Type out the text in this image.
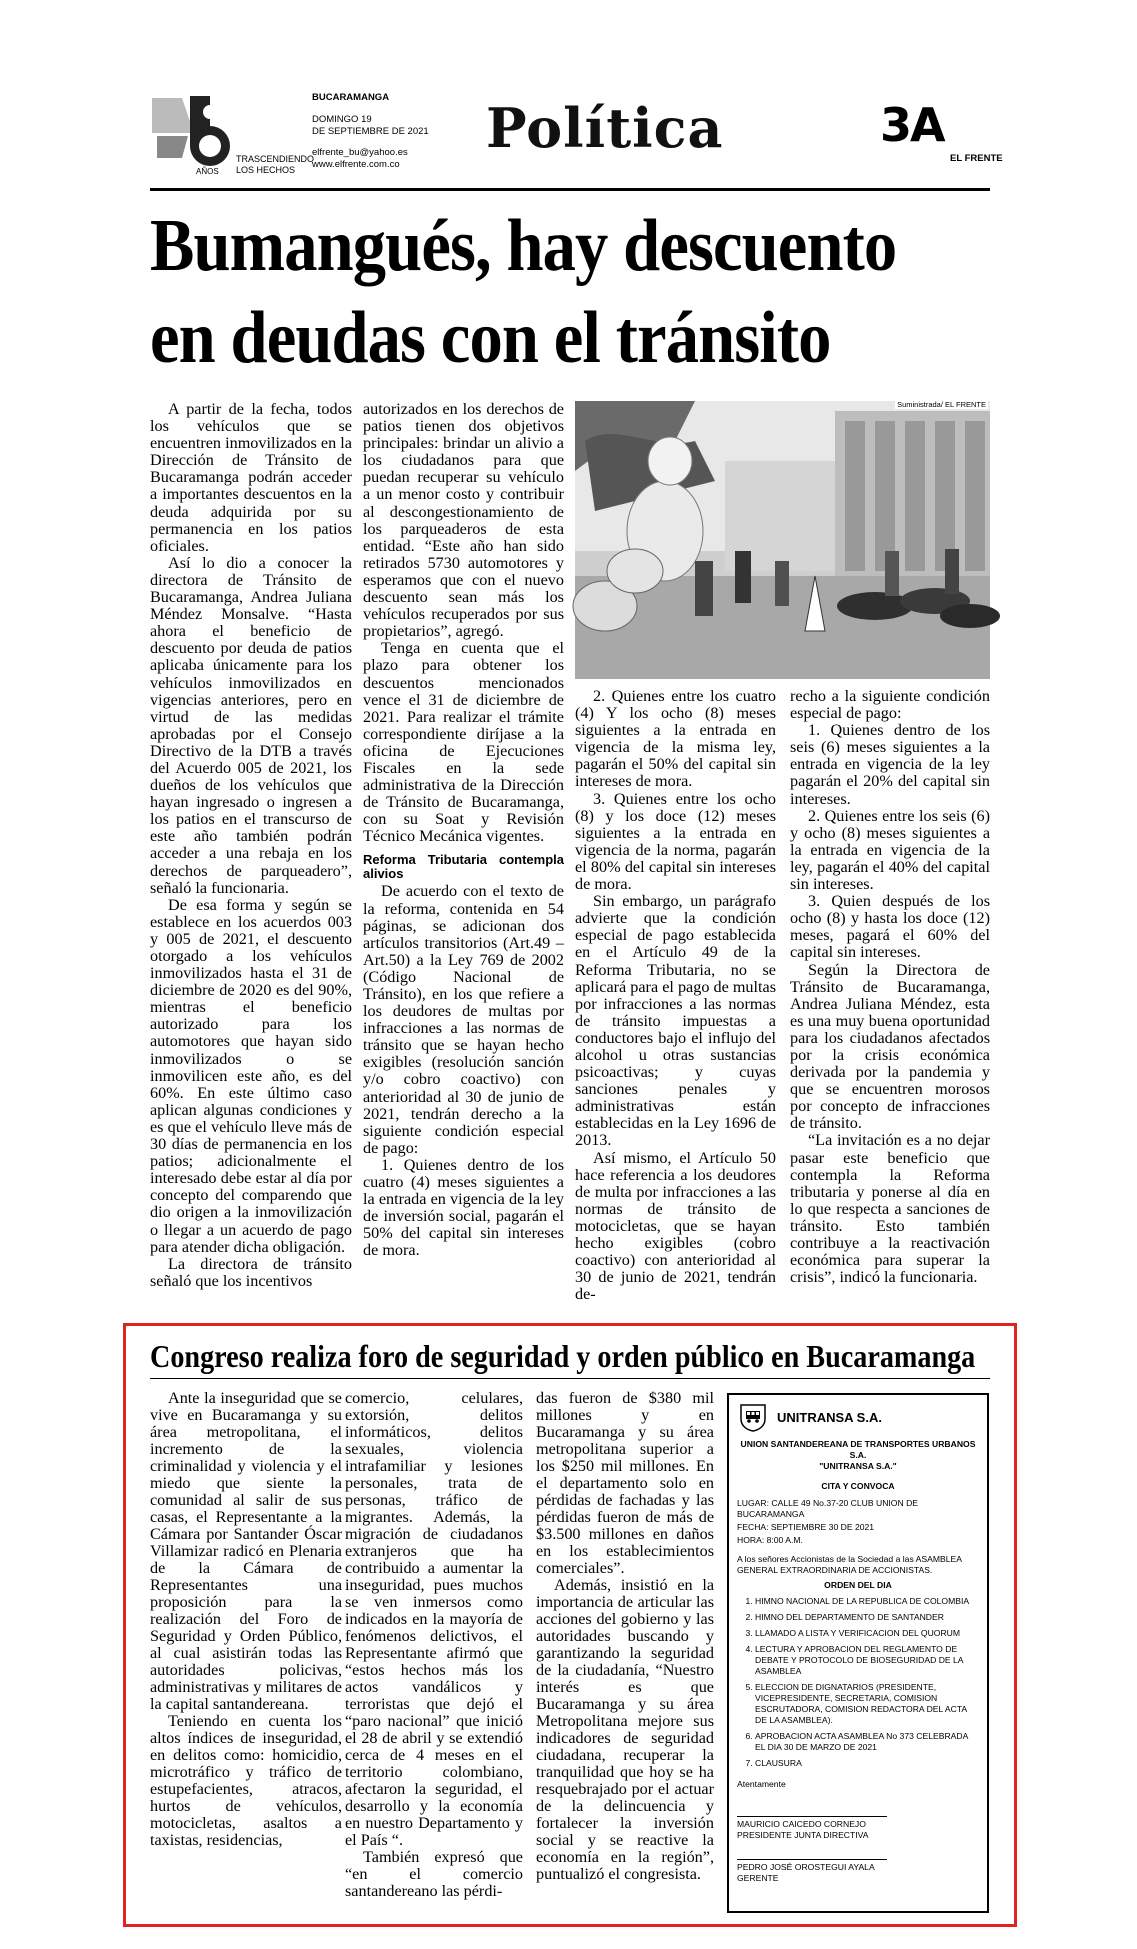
AÑOS
TRASCENDIENDO
LOS HECHOS
BUCARAMANGA
DOMINGO 19
DE SEPTIEMBRE DE 2021
elfrente_bu@yahoo.es
www.elfrente.com.co
Política	3A
EL FRENTE
Bumangués, hay descuento
en deudas con el tránsito

A partir de la fecha, todos los vehículos que se encuentren inmovilizados en la Dirección de Tránsito de Bucaramanga podrán acceder a importantes descuentos en la deuda adquirida por su permanencia en los patios oficiales.

Así lo dio a conocer la directora de Tránsito de Bucaramanga, Andrea Juliana Méndez Monsalve. “Hasta ahora el beneficio de descuento por deuda de patios aplicaba únicamente para los vehículos inmovilizados en vigencias anteriores, pero en virtud de las medidas aprobadas por el Consejo Directivo de la DTB a través del Acuerdo 005 de 2021, los dueños de los vehículos que hayan ingresado o ingresen a los patios en el transcurso de este año también podrán acceder a una rebaja en los derechos de parqueadero”, señaló la funcionaria.

De esa forma y según se establece en los acuerdos 003 y 005 de 2021, el descuento otorgado a los vehículos inmovilizados hasta el 31 de diciembre de 2020 es del 90%, mientras el beneficio autorizado para los automotores que hayan sido inmovilizados o se inmovilicen este año, es del 60%. En este último caso aplican algunas condiciones y es que el vehículo lleve más de 30 días de permanencia en los patios; adicionalmente el interesado debe estar al día por concepto del comparendo que dio origen a la inmovilización o llegar a un acuerdo de pago para atender dicha obligación.

La directora de tránsito señaló que los incentivos

autorizados en los derechos de patios tienen dos objetivos principales: brindar un alivio a los ciudadanos para que puedan recuperar su vehículo a un menor costo y contribuir al descongestionamiento de los parqueaderos de esta entidad. “Este año han sido retirados 5730 automotores y esperamos que con el nuevo descuento sean más los vehículos recuperados por sus propietarios”, agregó.

Tenga en cuenta que el plazo para obtener los descuentos mencionados vence el 31 de diciembre de 2021. Para realizar el trámite correspondiente diríjase a la oficina de Ejecuciones Fiscales en la sede administrativa de la Dirección de Tránsito de Bucaramanga, con su Soat y Revisión Técnico Mecánica vigentes.

Reforma Tributaria contempla alivios

De acuerdo con el texto de la reforma, contenida en 54 páginas, se adicionan dos artículos transitorios (Art.49 – Art.50) a la Ley 769 de 2002 (Código Nacional de Tránsito), en los que refiere a los deudores de multas por infracciones a las normas de tránsito que se hayan hecho exigibles (resolución sanción y/o cobro coactivo) con anterioridad al 30 de junio de 2021, tendrán derecho a la siguiente condición especial de pago:

1. Quienes dentro de los cuatro (4) meses siguientes a la entrada en vigencia de la ley de inversión social, pagarán el 50% del capital sin intereses de mora.

Suministrada/ EL FRENTE

2. Quienes entre los cuatro (4) Y los ocho (8) meses siguientes a la entrada en vigencia de la misma ley, pagarán el 50% del capital sin intereses de mora.

3. Quienes entre los ocho (8) y los doce (12) meses siguientes a la entrada en vigencia de la norma, pagarán el 80% del capital sin intereses de mora.

Sin embargo, un parágrafo advierte que la condición especial de pago establecida en el Artículo 49 de la Reforma Tributaria, no se aplicará para el pago de multas por infracciones a las normas de tránsito impuestas a conductores bajo el influjo del alcohol u otras sustancias psicoactivas; y cuyas sanciones penales y administrativas están establecidas en la Ley 1696 de 2013.

Así mismo, el Artículo 50 hace referencia a los deudores de multa por infracciones a las normas de tránsito de motocicletas, que se hayan hecho exigibles (cobro coactivo) con anterioridad al 30 de junio de 2021, tendrán de-

recho a la siguiente condición especial de pago:

1. Quienes dentro de los seis (6) meses siguientes a la entrada en vigencia de la ley pagarán el 20% del capital sin intereses.

2. Quienes entre los seis (6) y ocho (8) meses siguientes a la entrada en vigencia de la ley, pagarán el 40% del capital sin intereses.

3. Quien después de los ocho (8) y hasta los doce (12) meses, pagará el 60% del capital sin intereses.

Según la Directora de Tránsito de Bucaramanga, Andrea Juliana Méndez, esta es una muy buena oportunidad para los ciudadanos afectados por la crisis económica derivada por la pandemia y que se encuentren morosos por concepto de infracciones de tránsito.

“La invitación es a no dejar pasar este beneficio que contempla la Reforma tributaria y ponerse al día en lo que respecta a sanciones de tránsito. Esto también contribuye a la reactivación económica para superar la crisis”, indicó la funcionaria.

Congreso realiza foro de seguridad y orden público en Bucaramanga

Ante la inseguridad que se vive en Bucaramanga y su área metropolitana, el incremento de la criminalidad y violencia y el miedo que siente la comunidad al salir de sus casas, el Representante a la Cámara por Santander Óscar Villamizar radicó en Plenaria de la Cámara de Representantes una proposición para la realización del Foro de Seguridad y Orden Público, al cual asistirán todas las autoridades policivas, administrativas y militares de la capital santandereana.

Teniendo en cuenta los altos índices de inseguridad, en delitos como: homicidio, microtráfico y tráfico de estupefacientes, atracos, hurtos de vehículos, motocicletas, asaltos a taxistas, residencias,

comercio, celulares, extorsión, delitos informáticos, delitos sexuales, violencia intrafamiliar y lesiones personales, trata de personas, tráfico de migrantes. Además, la migración de ciudadanos extranjeros que ha contribuido a aumentar la inseguridad, pues muchos se ven inmersos como indicados en la mayoría de fenómenos delictivos, el Representante afirmó que “estos hechos más los actos vandálicos y terroristas que dejó el “paro nacional” que inició el 28 de abril y se extendió cerca de 4 meses en el territorio colombiano, afectaron la seguridad, el desarrollo y la economía en nuestro Departamento y el País “.

También expresó que “en el comercio santandereano las pérdi-

das fueron de $380 mil millones y en Bucaramanga y su área metropolitana superior a los $250 mil millones. En el departamento solo en pérdidas de fachadas y las pérdidas fueron de más de $3.500 millones en daños en los establecimientos comerciales”.

Además, insistió en la importancia de articular las acciones del gobierno y las autoridades buscando y garantizando la seguridad de la ciudadanía, “Nuestro interés es que Bucaramanga y su área Metropolitana mejore sus indicadores de seguridad ciudadana, recuperar la tranquilidad que hoy se ha resquebrajado por el actuar de la delincuencia y fortalecer la inversión social y se reactive la economía en la región”, puntualizó el congresista.

UNITRANSA S.A.
UNION SANTANDEREANA DE TRANSPORTES URBANOS S.A.
"UNITRANSA S.A."
CITA Y CONVOCA
LUGAR: CALLE 49 No.37-20 CLUB UNION DE BUCARAMANGA
FECHA: SEPTIEMBRE 30 DE 2021
HORA: 8:00 A.M.
A los señores Accionistas de la Sociedad a las ASAMBLEA GENERAL EXTRAORDINARIA DE ACCIONISTAS.
ORDEN DEL DIA
1. HIMNO NACIONAL DE LA REPUBLICA DE COLOMBIA
2. HIMNO DEL DEPARTAMENTO DE SANTANDER
3. LLAMADO A LISTA Y VERIFICACION DEL QUORUM
4. LECTURA Y APROBACION DEL REGLAMENTO DE DEBATE Y PROTOCOLO DE BIOSEGURIDAD DE LA ASAMBLEA
5. ELECCION DE DIGNATARIOS (PRESIDENTE, VICEPRESIDENTE, SECRETARIA, COMISION ESCRUTADORA, COMISION REDACTORA DEL ACTA DE LA ASAMBLEA).
6. APROBACION ACTA ASAMBLEA No 373 CELEBRADA EL DIA 30 DE MARZO DE 2021
7. CLAUSURA
Atentamente
MAURICIO CAICEDO CORNEJO
PRESIDENTE JUNTA DIRECTIVA
PEDRO JOSÉ OROSTEGUI AYALA
GERENTE
